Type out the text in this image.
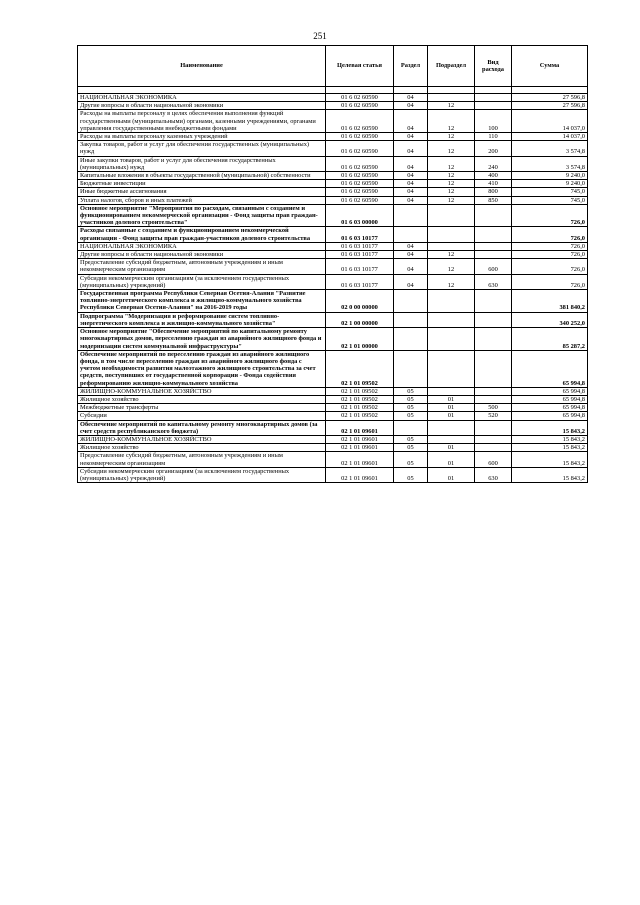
251
Наименование	Целевая статья	Раздел	Подраздел	Вид расхода	Сумма

НАЦИОНАЛЬНАЯ ЭКОНОМИКА	01 6 02 60590	04			27 596,8
Другие вопросы в области национальной экономики	01 6 02 60590	04	12		27 596,8
Расходы на выплаты персоналу в целях обеспечения выполнения функций государственными (муниципальными) органами, казенными учреждениями, органами управления государственными внебюджетными фондами	01 6 02 60590	04	12	100	14 037,0
Расходы на выплаты персоналу казенных учреждений	01 6 02 60590	04	12	110	14 037,0
Закупка товаров, работ и услуг для обеспечения государственных (муниципальных) нужд	01 6 02 60590	04	12	200	3 574,8
Иные закупки товаров, работ и услуг для обеспечения государственных (муниципальных) нужд	01 6 02 60590	04	12	240	3 574,8
Капитальные вложения в объекты государственной (муниципальной) собственности	01 6 02 60590	04	12	400	9 240,0
Бюджетные инвестиции	01 6 02 60590	04	12	410	9 240,0
Иные бюджетные ассигнования	01 6 02 60590	04	12	800	745,0
Уплата налогов, сборов и иных платежей	01 6 02 60590	04	12	850	745,0
Основное мероприятие "Мероприятия по расходам, связанным с созданием и функционированием некоммерческой организации - Фонд защиты прав граждан-участников долевого строительства"	01 6 03 00000				726,0
Расходы связанные с созданием и функционированием некоммерческой организации - Фонд защиты прав граждан-участников долевого строительства	01 6 03 10177				726,0
НАЦИОНАЛЬНАЯ ЭКОНОМИКА	01 6 03 10177	04			726,0
Другие вопросы в области национальной экономики	01 6 03 10177	04	12		726,0
Предоставление субсидий бюджетным, автономным учреждениям и иным некоммерческим организациям	01 6 03 10177	04	12	600	726,0
Субсидии некоммерческим организациям (за исключением государственных (муниципальных) учреждений)	01 6 03 10177	04	12	630	726,0
Государственная программа Республики Северная Осетия-Алания "Развитие топливно-энергетического комплекса и жилищно-коммунального хозяйства Республики Северная Осетия-Алания" на 2016-2019 годы	02 0 00 00000				381 840,2
Подпрограмма "Модернизация и реформирование систем топливно-энергетического комплекса и жилищно-коммунального хозяйства"	02 1 00 00000				340 252,0
Основное мероприятие "Обеспечение мероприятий по капитальному ремонту многоквартирных домов, переселению граждан из аварийного жилищного фонда и модернизации систем коммунальной инфраструктуры"	02 1 01 00000				85 287,2
Обеспечение мероприятий по переселению граждан из аварийного жилищного фонда, в том числе переселению граждан из аварийного жилищного фонда с учетом необходимости развития малоэтажного жилищного строительства за счет средств, поступивших от государственной корпорации - Фонда содействия реформированию жилищно-коммунального хозяйства	02 1 01 09502				65 994,8
ЖИЛИЩНО-КОММУНАЛЬНОЕ ХОЗЯЙСТВО	02 1 01 09502	05			65 994,8
Жилищное хозяйство	02 1 01 09502	05	01		65 994,8
Межбюджетные трансферты	02 1 01 09502	05	01	500	65 994,8
Субсидии	02 1 01 09502	05	01	520	65 994,8
Обеспечение мероприятий по капитальному ремонту многоквартирных домов (за счет средств республиканского бюджета)	02 1 01 09601				15 843,2
ЖИЛИЩНО-КОММУНАЛЬНОЕ ХОЗЯЙСТВО	02 1 01 09601	05			15 843,2
Жилищное хозяйство	02 1 01 09601	05	01		15 843,2
Предоставление субсидий бюджетным, автономным учреждениям и иным некоммерческим организациям	02 1 01 09601	05	01	600	15 843,2
Субсидии некоммерческим организациям (за исключением государственных (муниципальных) учреждений)	02 1 01 09601	05	01	630	15 843,2
